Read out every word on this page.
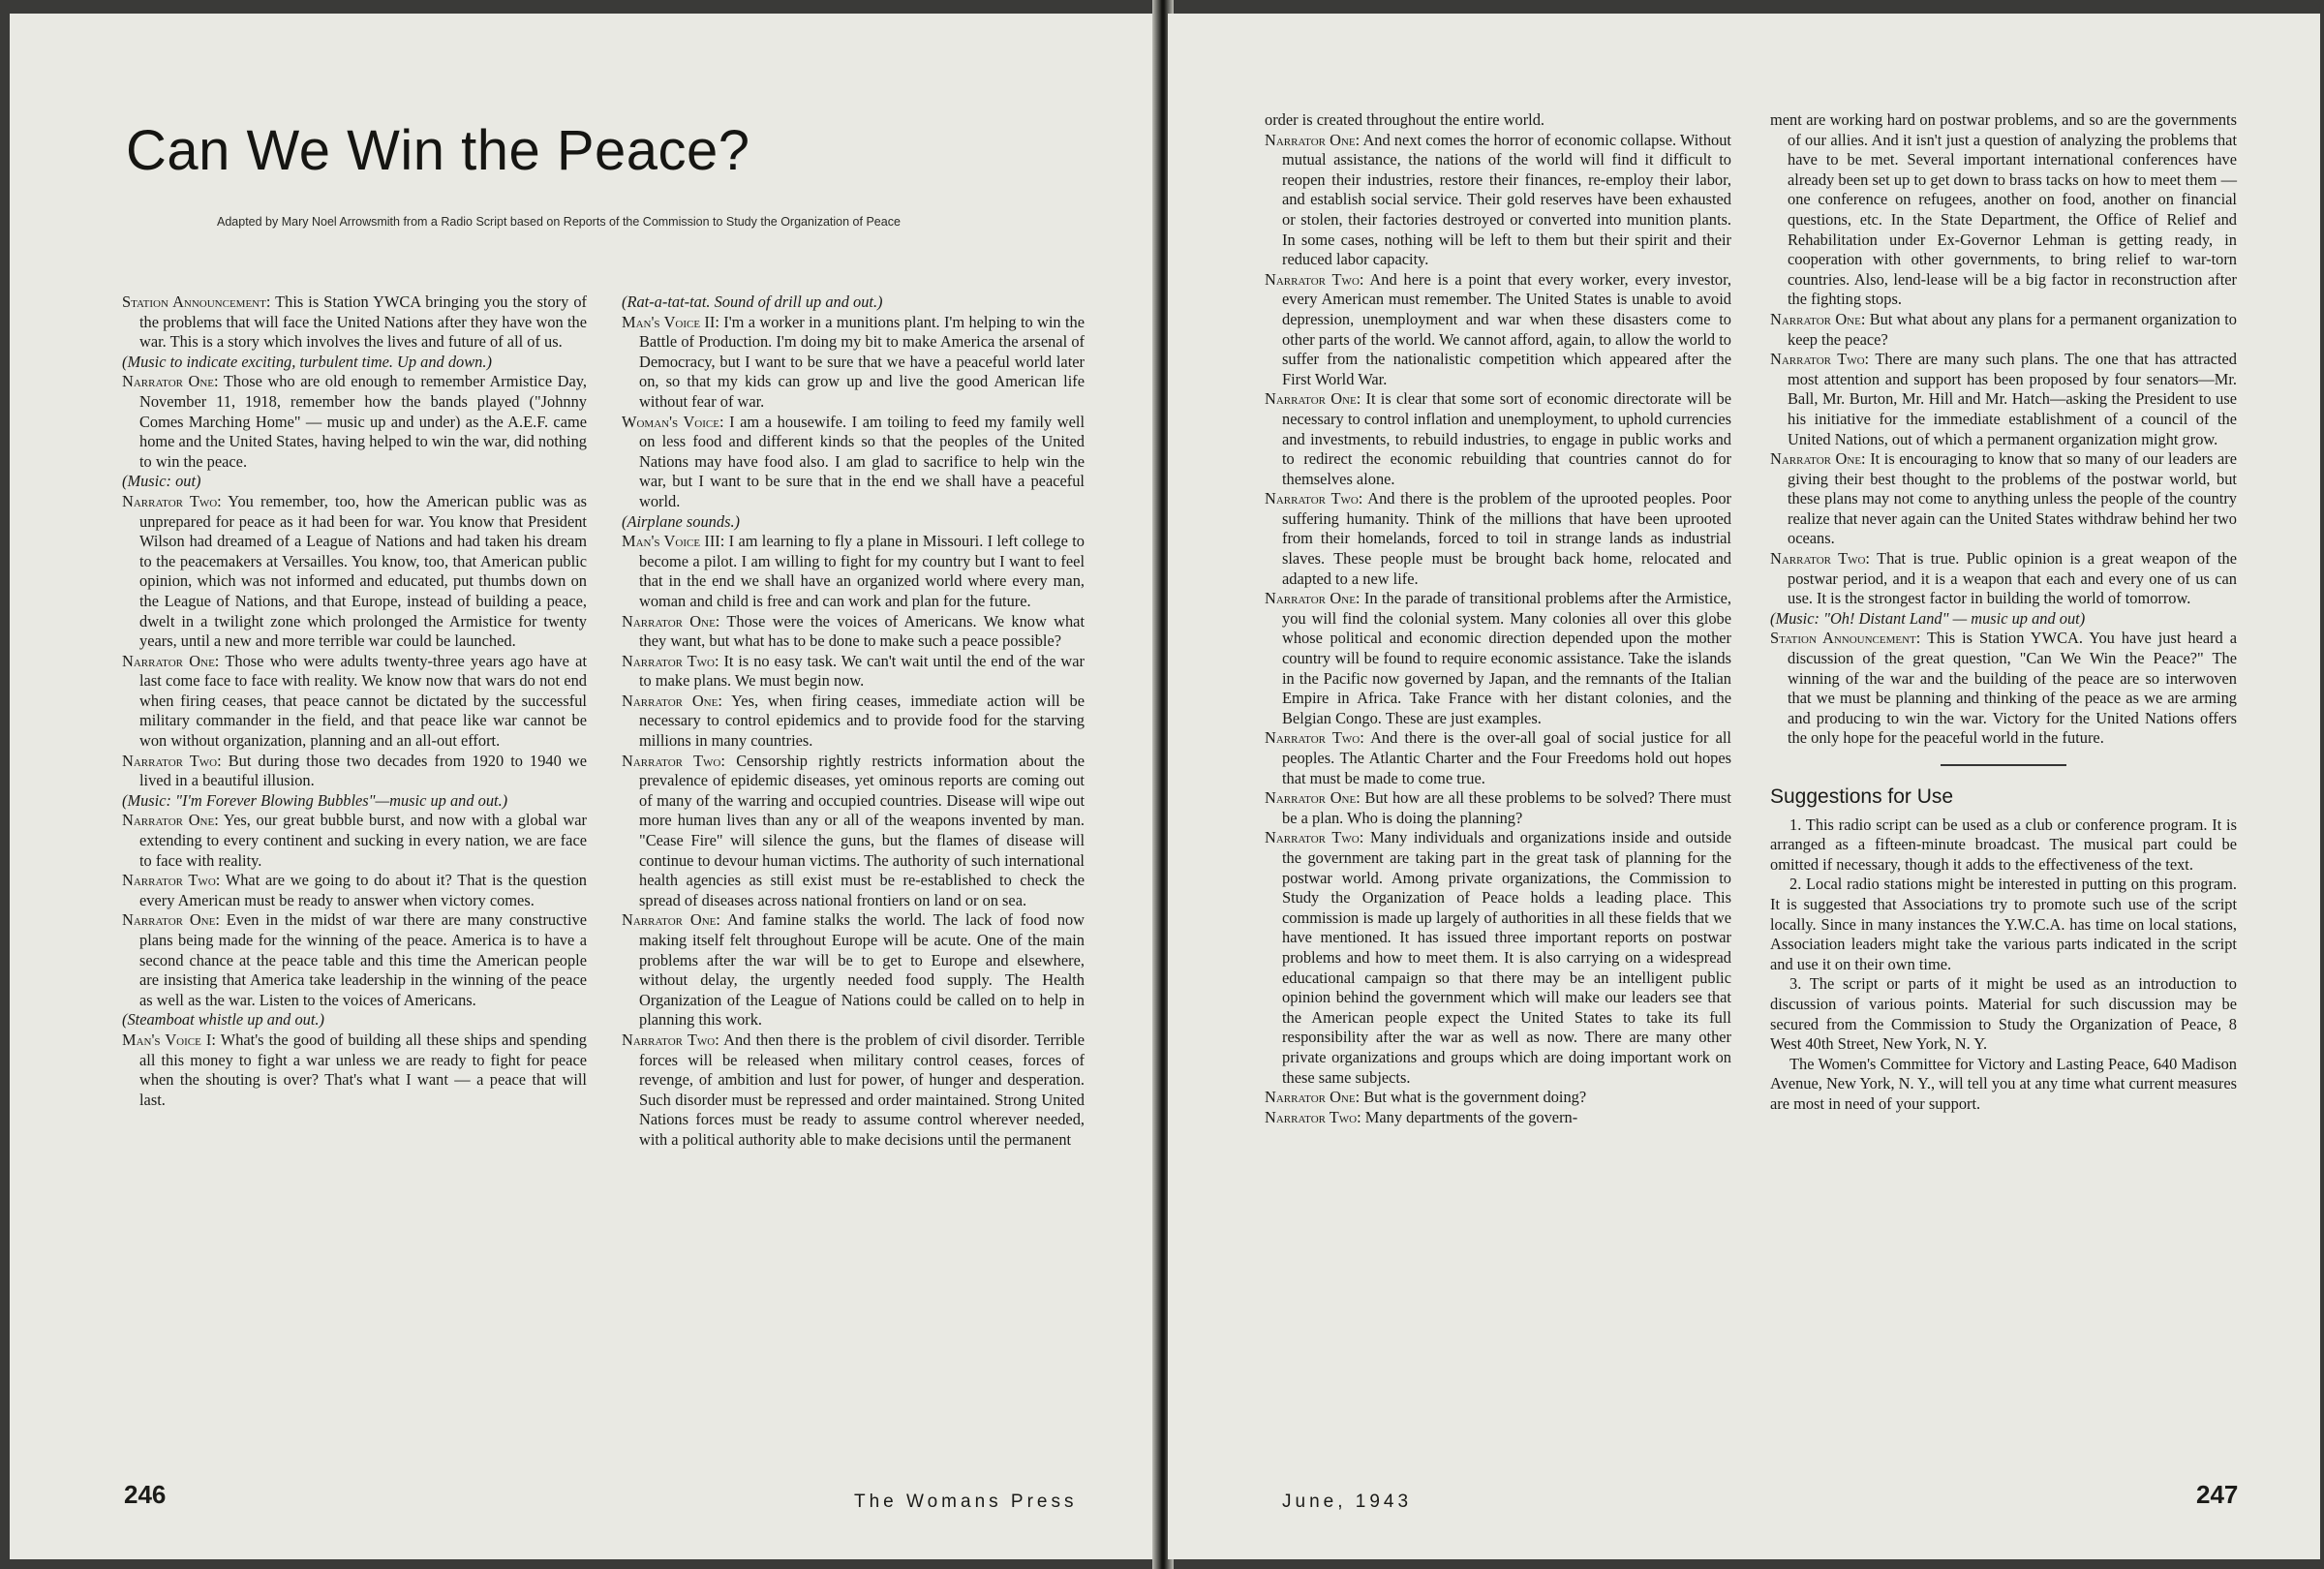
Can We Win the Peace?
Adapted by Mary Noel Arrowsmith from a Radio Script based on Reports of the Commission to Study the Organization of Peace

Station Announcement: This is Station YWCA bringing you the story of the problems that will face the United Nations after they have won the war. This is a story which involves the lives and future of all of us.

(Music to indicate exciting, turbulent time. Up and down.)

Narrator One: Those who are old enough to remember Armistice Day, November 11, 1918, remember how the bands played ("Johnny Comes Marching Home" — music up and under) as the A.E.F. came home and the United States, having helped to win the war, did nothing to win the peace.

(Music: out)

Narrator Two: You remember, too, how the American public was as unprepared for peace as it had been for war. You know that President Wilson had dreamed of a League of Nations and had taken his dream to the peacemakers at Versailles. You know, too, that American public opinion, which was not informed and educated, put thumbs down on the League of Nations, and that Europe, instead of building a peace, dwelt in a twilight zone which prolonged the Armistice for twenty years, until a new and more terrible war could be launched.

Narrator One: Those who were adults twenty-three years ago have at last come face to face with reality. We know now that wars do not end when firing ceases, that peace cannot be dictated by the successful military commander in the field, and that peace like war cannot be won without organization, planning and an all-out effort.

Narrator Two: But during those two decades from 1920 to 1940 we lived in a beautiful illusion.

(Music: "I'm Forever Blowing Bubbles"—music up and out.)

Narrator One: Yes, our great bubble burst, and now with a global war extending to every continent and sucking in every nation, we are face to face with reality.

Narrator Two: What are we going to do about it? That is the question every American must be ready to answer when victory comes.

Narrator One: Even in the midst of war there are many constructive plans being made for the winning of the peace. America is to have a second chance at the peace table and this time the American people are insisting that America take leadership in the winning of the peace as well as the war. Listen to the voices of Americans.

(Steamboat whistle up and out.)

Man's Voice I: What's the good of building all these ships and spending all this money to fight a war unless we are ready to fight for peace when the shouting is over? That's what I want — a peace that will last.

(Rat-a-tat-tat. Sound of drill up and out.)

Man's Voice II: I'm a worker in a munitions plant. I'm helping to win the Battle of Production. I'm doing my bit to make America the arsenal of Democracy, but I want to be sure that we have a peaceful world later on, so that my kids can grow up and live the good American life without fear of war.

Woman's Voice: I am a housewife. I am toiling to feed my family well on less food and different kinds so that the peoples of the United Nations may have food also. I am glad to sacrifice to help win the war, but I want to be sure that in the end we shall have a peaceful world.

(Airplane sounds.)

Man's Voice III: I am learning to fly a plane in Missouri. I left college to become a pilot. I am willing to fight for my country but I want to feel that in the end we shall have an organized world where every man, woman and child is free and can work and plan for the future.

Narrator One: Those were the voices of Americans. We know what they want, but what has to be done to make such a peace possible?

Narrator Two: It is no easy task. We can't wait until the end of the war to make plans. We must begin now.

Narrator One: Yes, when firing ceases, immediate action will be necessary to control epidemics and to provide food for the starving millions in many countries.

Narrator Two: Censorship rightly restricts information about the prevalence of epidemic diseases, yet ominous reports are coming out of many of the warring and occupied countries. Disease will wipe out more human lives than any or all of the weapons invented by man. "Cease Fire" will silence the guns, but the flames of disease will continue to devour human victims. The authority of such international health agencies as still exist must be re-established to check the spread of diseases across national frontiers on land or on sea.

Narrator One: And famine stalks the world. The lack of food now making itself felt throughout Europe will be acute. One of the main problems after the war will be to get to Europe and elsewhere, without delay, the urgently needed food supply. The Health Organization of the League of Nations could be called on to help in planning this work.

Narrator Two: And then there is the problem of civil disorder. Terrible forces will be released when military control ceases, forces of revenge, of ambition and lust for power, of hunger and desperation. Such disorder must be repressed and order maintained. Strong United Nations forces must be ready to assume control wherever needed, with a political authority able to make decisions until the permanent

246	The Womans Press

order is created throughout the entire world.

Narrator One: And next comes the horror of economic collapse. Without mutual assistance, the nations of the world will find it difficult to reopen their industries, restore their finances, re-employ their labor, and establish social service. Their gold reserves have been exhausted or stolen, their factories destroyed or converted into munition plants. In some cases, nothing will be left to them but their spirit and their reduced labor capacity.

Narrator Two: And here is a point that every worker, every investor, every American must remember. The United States is unable to avoid depression, unemployment and war when these disasters come to other parts of the world. We cannot afford, again, to allow the world to suffer from the nationalistic competition which appeared after the First World War.

Narrator One: It is clear that some sort of economic directorate will be necessary to control inflation and unemployment, to uphold currencies and investments, to rebuild industries, to engage in public works and to redirect the economic rebuilding that countries cannot do for themselves alone.

Narrator Two: And there is the problem of the uprooted peoples. Poor suffering humanity. Think of the millions that have been uprooted from their homelands, forced to toil in strange lands as industrial slaves. These people must be brought back home, relocated and adapted to a new life.

Narrator One: In the parade of transitional problems after the Armistice, you will find the colonial system. Many colonies all over this globe whose political and economic direction depended upon the mother country will be found to require economic assistance. Take the islands in the Pacific now governed by Japan, and the remnants of the Italian Empire in Africa. Take France with her distant colonies, and the Belgian Congo. These are just examples.

Narrator Two: And there is the over-all goal of social justice for all peoples. The Atlantic Charter and the Four Freedoms hold out hopes that must be made to come true.

Narrator One: But how are all these problems to be solved? There must be a plan. Who is doing the planning?

Narrator Two: Many individuals and organizations inside and outside the government are taking part in the great task of planning for the postwar world. Among private organizations, the Commission to Study the Organization of Peace holds a leading place. This commission is made up largely of authorities in all these fields that we have mentioned. It has issued three important reports on postwar problems and how to meet them. It is also carrying on a widespread educational campaign so that there may be an intelligent public opinion behind the government which will make our leaders see that the American people expect the United States to take its full responsibility after the war as well as now. There are many other private organizations and groups which are doing important work on these same subjects.

Narrator One: But what is the government doing?

Narrator Two: Many departments of the govern-

ment are working hard on postwar problems, and so are the governments of our allies. And it isn't just a question of analyzing the problems that have to be met. Several important international conferences have already been set up to get down to brass tacks on how to meet them — one conference on refugees, another on food, another on financial questions, etc. In the State Department, the Office of Relief and Rehabilitation under Ex-Governor Lehman is getting ready, in cooperation with other governments, to bring relief to war-torn countries. Also, lend-lease will be a big factor in reconstruction after the fighting stops.

Narrator One: But what about any plans for a permanent organization to keep the peace?

Narrator Two: There are many such plans. The one that has attracted most attention and support has been proposed by four senators—Mr. Ball, Mr. Burton, Mr. Hill and Mr. Hatch—asking the President to use his initiative for the immediate establishment of a council of the United Nations, out of which a permanent organization might grow.

Narrator One: It is encouraging to know that so many of our leaders are giving their best thought to the problems of the postwar world, but these plans may not come to anything unless the people of the country realize that never again can the United States withdraw behind her two oceans.

Narrator Two: That is true. Public opinion is a great weapon of the postwar period, and it is a weapon that each and every one of us can use. It is the strongest factor in building the world of tomorrow.

(Music: "Oh! Distant Land" — music up and out)

Station Announcement: This is Station YWCA. You have just heard a discussion of the great question, "Can We Win the Peace?" The winning of the war and the building of the peace are so interwoven that we must be planning and thinking of the peace as we are arming and producing to win the war. Victory for the United Nations offers the only hope for the peaceful world in the future.

Suggestions for Use

1. This radio script can be used as a club or conference program. It is arranged as a fifteen-minute broadcast. The musical part could be omitted if necessary, though it adds to the effectiveness of the text.

2. Local radio stations might be interested in putting on this program. It is suggested that Associations try to promote such use of the script locally. Since in many instances the Y.W.C.A. has time on local stations, Association leaders might take the various parts indicated in the script and use it on their own time.

3. The script or parts of it might be used as an introduction to discussion of various points. Material for such discussion may be secured from the Commission to Study the Organization of Peace, 8 West 40th Street, New York, N. Y.

The Women's Committee for Victory and Lasting Peace, 640 Madison Avenue, New York, N. Y., will tell you at any time what current measures are most in need of your support.

June, 1943	247
